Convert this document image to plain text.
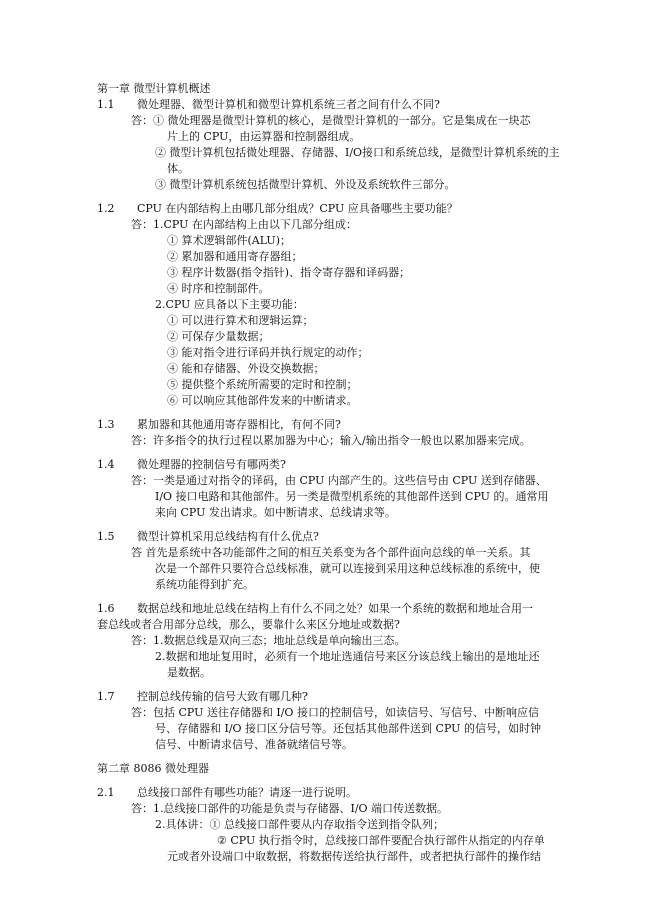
第一章 微型计算机概述
1.1 微处理器、微型计算机和微型计算机系统三者之间有什么不同?
答：① 微处理器是微型计算机的核心，是微型计算机的一部分。它是集成在一块芯
片上的 CPU，由运算器和控制器组成。
② 微型计算机包括微处理器、存储器、I/O接口和系统总线，是微型计算机系统的主
体。
③ 微型计算机系统包括微型计算机、外设及系统软件三部分。
1.2 CPU 在内部结构上由哪几部分组成？CPU 应具备哪些主要功能？
答：1.CPU 在内部结构上由以下几部分组成：
① 算术逻辑部件(ALU)；
② 累加器和通用寄存器组；
③ 程序计数器(指令指针)、指令寄存器和译码器；
④ 时序和控制部件。
2.CPU 应具备以下主要功能：
① 可以进行算术和逻辑运算；
② 可保存少量数据；
③ 能对指令进行译码并执行规定的动作；
④ 能和存储器、外设交换数据；
⑤ 提供整个系统所需要的定时和控制；
⑥ 可以响应其他部件发来的中断请求。
1.3 累加器和其他通用寄存器相比，有何不同?
答：许多指令的执行过程以累加器为中心；输入/输出指令一般也以累加器来完成。
1.4 微处理器的控制信号有哪两类?
答：一类是通过对指令的译码，由 CPU 内部产生的。这些信号由 CPU 送到存储器、
I/O 接口电路和其他部件。另一类是微型机系统的其他部件送到 CPU 的。通常用
来向 CPU 发出请求。如中断请求、总线请求等。
1.5 微型计算机采用总线结构有什么优点?
答 首先是系统中各功能部件之间的相互关系变为各个部件面向总线的单一关系。其
次是一个部件只要符合总线标准，就可以连接到采用这种总线标准的系统中，使
系统功能得到扩充。
1.6 数据总线和地址总线在结构上有什么不同之处？如果一个系统的数据和地址合用一
套总线或者合用部分总线，那么，要靠什么来区分地址或数据?
答：1.数据总线是双向三态；地址总线是单向输出三态。
2.数据和地址复用时，必须有一个地址选通信号来区分该总线上输出的是地址还
是数据。
1.7 控制总线传输的信号大致有哪几种?
答：包括 CPU 送往存储器和 I/O 接口的控制信号，如读信号、写信号、中断响应信
号、存储器和 I/O 接口区分信号等。还包括其他部件送到 CPU 的信号，如时钟
信号、中断请求信号、准备就绪信号等。
第二章 8086 微处理器
2.1 总线接口部件有哪些功能？请逐一进行说明。
答：1.总线接口部件的功能是负责与存储器、I/O 端口传送数据。
2.具体讲：① 总线接口部件要从内存取指令送到指令队列；
② CPU 执行指令时，总线接口部件要配合执行部件从指定的内存单
元或者外设端口中取数据，将数据传送给执行部件，或者把执行部件的操作结
